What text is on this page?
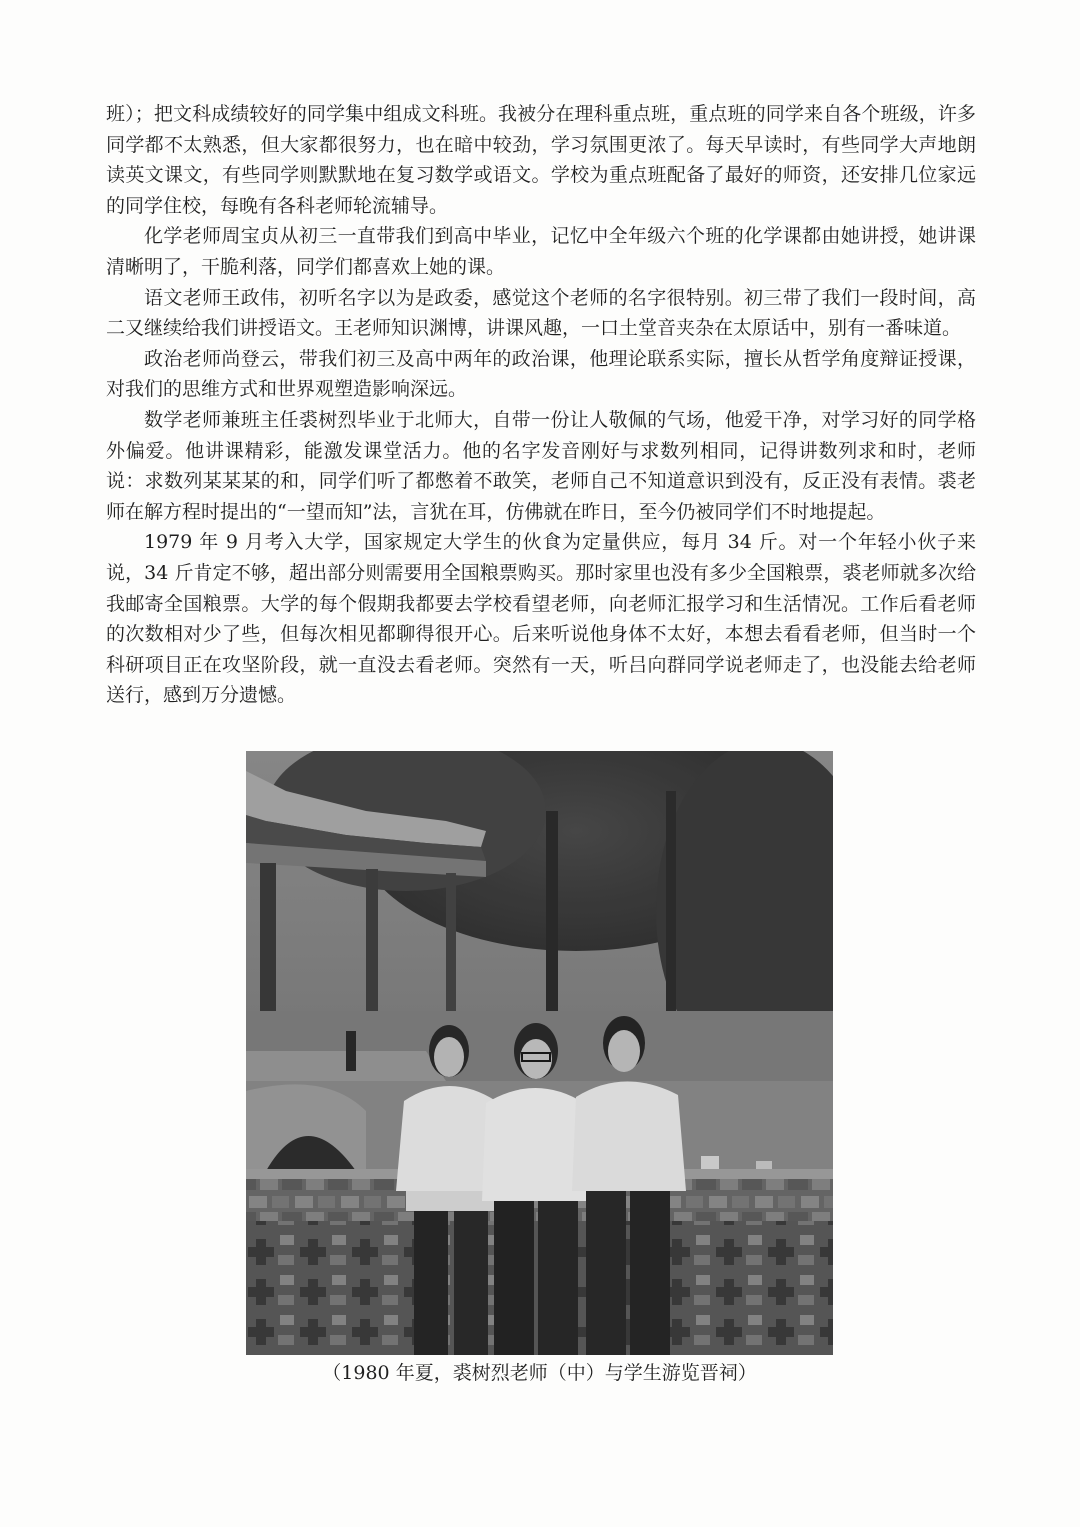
班）；把文科成绩较好的同学集中组成文科班。我被分在理科重点班，重点班的同学来自各个班级，许多同学都不太熟悉，但大家都很努力，也在暗中较劲，学习氛围更浓了。每天早读时，有些同学大声地朗读英文课文，有些同学则默默地在复习数学或语文。学校为重点班配备了最好的师资，还安排几位家远的同学住校，每晚有各科老师轮流辅导。

化学老师周宝贞从初三一直带我们到高中毕业，记忆中全年级六个班的化学课都由她讲授，她讲课清晰明了，干脆利落，同学们都喜欢上她的课。

语文老师王政伟，初听名字以为是政委，感觉这个老师的名字很特别。初三带了我们一段时间，高二又继续给我们讲授语文。王老师知识渊博，讲课风趣，一口土堂音夹杂在太原话中，别有一番味道。

政治老师尚登云，带我们初三及高中两年的政治课，他理论联系实际，擅长从哲学角度辩证授课，对我们的思维方式和世界观塑造影响深远。

数学老师兼班主任裘树烈毕业于北师大，自带一份让人敬佩的气场，他爱干净，对学习好的同学格外偏爱。他讲课精彩，能激发课堂活力。他的名字发音刚好与求数列相同，记得讲数列求和时，老师说：求数列某某某的和，同学们听了都憋着不敢笑，老师自己不知道意识到没有，反正没有表情。裘老师在解方程时提出的“一望而知”法，言犹在耳，仿佛就在昨日，至今仍被同学们不时地提起。

1979 年 9 月考入大学，国家规定大学生的伙食为定量供应，每月 34 斤。对一个年轻小伙子来说，34 斤肯定不够，超出部分则需要用全国粮票购买。那时家里也没有多少全国粮票，裘老师就多次给我邮寄全国粮票。大学的每个假期我都要去学校看望老师，向老师汇报学习和生活情况。工作后看老师的次数相对少了些，但每次相见都聊得很开心。后来听说他身体不太好，本想去看看老师，但当时一个科研项目正在攻坚阶段，就一直没去看老师。突然有一天，听吕向群同学说老师走了，也没能去给老师送行，感到万分遗憾。

（1980 年夏，裘树烈老师（中）与学生游览晋祠）
